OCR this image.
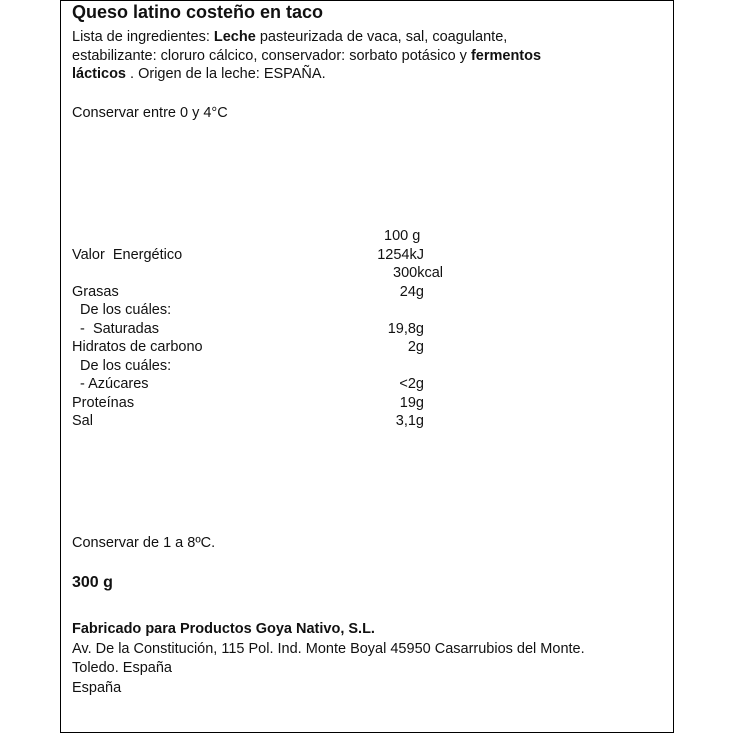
Queso latino costeño en taco
Lista de ingredientes: Leche pasteurizada de vaca, sal, coagulante,
estabilizante: cloruro cálcico, conservador: sorbato potásico y fermentos
lácticos . Origen de la leche: ESPAÑA.
Conservar entre 0 y 4°C
100 g
Valor  Energético	1254kJ
300kcal
Grasas	24g
De los cuáles:
-  Saturadas	19,8g
Hidratos de carbono	2g
De los cuáles:
- Azúcares	<2g
Proteínas	19g
Sal	3,1g
Conservar de 1 a 8ºC.
300 g
Fabricado para Productos Goya Nativo, S.L.
Av. De la Constitución, 115 Pol. Ind. Monte Boyal 45950 Casarrubios del Monte.
Toledo. España
España
